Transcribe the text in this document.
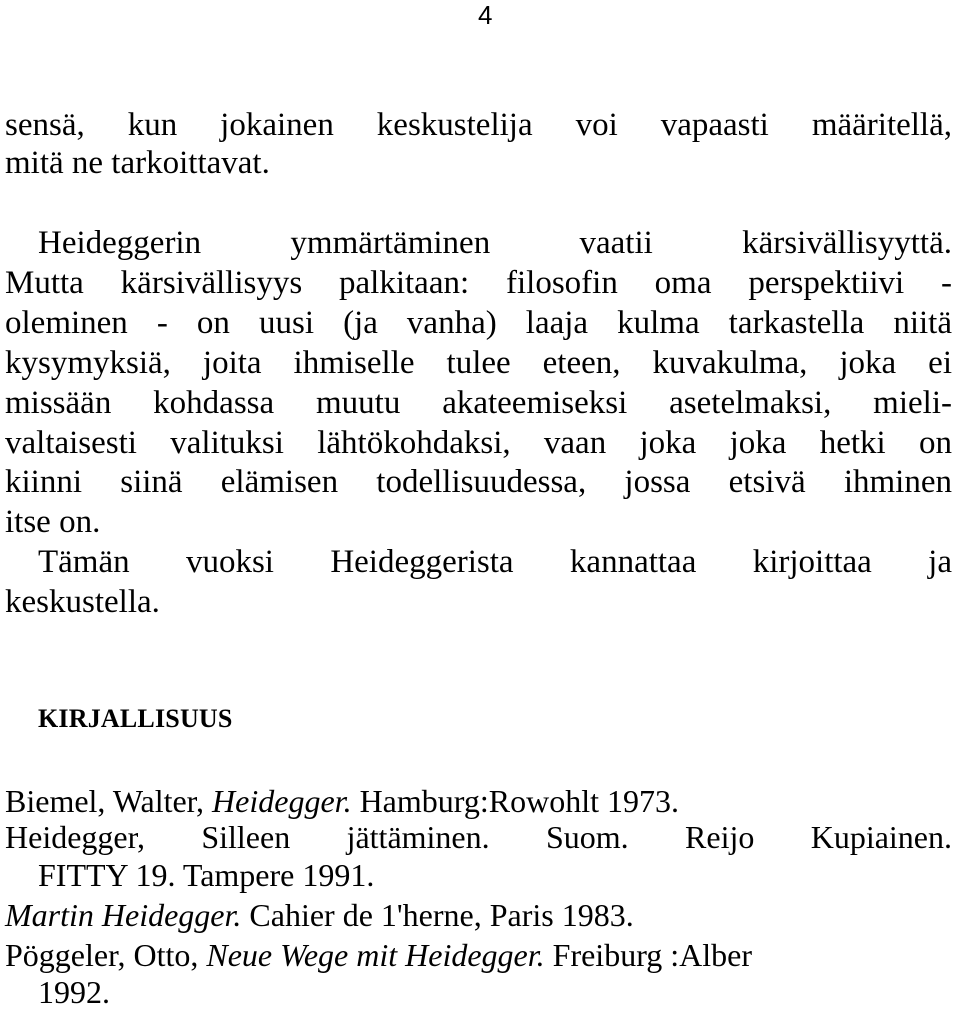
4
sensä, kun jokainen keskustelija voi vapaasti määritellä,
mitä ne tarkoittavat.
Heideggerin ymmärtäminen vaatii kärsivällisyyttä.
Mutta kärsivällisyys palkitaan: filosofin oma perspektiivi -
oleminen - on uusi (ja vanha) laaja kulma tarkastella niitä
kysymyksiä, joita ihmiselle tulee eteen, kuvakulma, joka ei
missään kohdassa muutu akateemiseksi asetelmaksi, mieli-
valtaisesti valituksi lähtökohdaksi, vaan joka joka hetki on
kiinni siinä elämisen todellisuudessa, jossa etsivä ihminen
itse on.
Tämän vuoksi Heideggerista kannattaa kirjoittaa ja
keskustella.
KIRJALLISUUS
Biemel, Walter, Heidegger. Hamburg:Rowohlt 1973.
Heidegger, Silleen jättäminen. Suom. Reijo Kupiainen.
FITTY 19. Tampere 1991.
Martin Heidegger. Cahier de 1'herne, Paris 1983.
Pöggeler, Otto, Neue Wege mit Heidegger. Freiburg :Alber
1992.
